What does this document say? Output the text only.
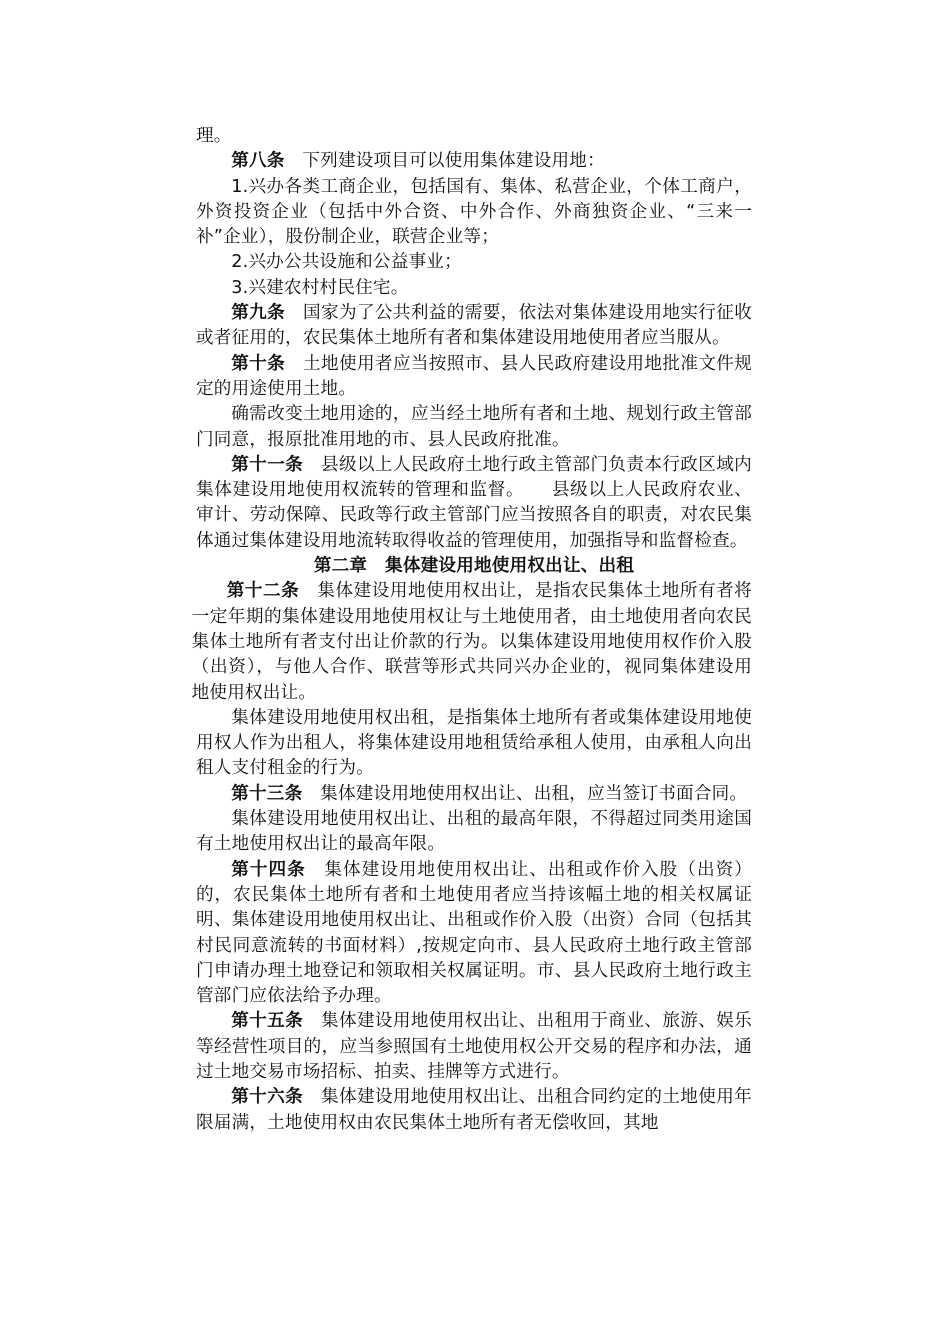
理。

第八条　下列建设项目可以使用集体建设用地：

1.兴办各类工商企业，包括国有、集体、私营企业，个体工商户，外资投资企业（包括中外合资、中外合作、外商独资企业、“三来一补”企业），股份制企业，联营企业等；

2.兴办公共设施和公益事业；

3.兴建农村村民住宅。

第九条　国家为了公共利益的需要，依法对集体建设用地实行征收或者征用的，农民集体土地所有者和集体建设用地使用者应当服从。

第十条　土地使用者应当按照市、县人民政府建设用地批准文件规定的用途使用土地。

确需改变土地用途的，应当经土地所有者和土地、规划行政主管部门同意，报原批准用地的市、县人民政府批准。

第十一条　县级以上人民政府土地行政主管部门负责本行政区域内集体建设用地使用权流转的管理和监督。　　县级以上人民政府农业、审计、劳动保障、民政等行政主管部门应当按照各自的职责，对农民集体通过集体建设用地流转取得收益的管理使用，加强指导和监督检查。

第二章　集体建设用地使用权出让、出租

第十二条　集体建设用地使用权出让，是指农民集体土地所有者将一定年期的集体建设用地使用权让与土地使用者，由土地使用者向农民集体土地所有者支付出让价款的行为。以集体建设用地使用权作价入股（出资），与他人合作、联营等形式共同兴办企业的，视同集体建设用地使用权出让。

集体建设用地使用权出租，是指集体土地所有者或集体建设用地使用权人作为出租人，将集体建设用地租赁给承租人使用，由承租人向出租人支付租金的行为。

第十三条　集体建设用地使用权出让、出租，应当签订书面合同。

集体建设用地使用权出让、出租的最高年限，不得超过同类用途国有土地使用权出让的最高年限。

第十四条　集体建设用地使用权出让、出租或作价入股（出资）的，农民集体土地所有者和土地使用者应当持该幅土地的相关权属证明、集体建设用地使用权出让、出租或作价入股（出资）合同（包括其村民同意流转的书面材料）,按规定向市、县人民政府土地行政主管部门申请办理土地登记和领取相关权属证明。市、县人民政府土地行政主管部门应依法给予办理。

第十五条　集体建设用地使用权出让、出租用于商业、旅游、娱乐等经营性项目的，应当参照国有土地使用权公开交易的程序和办法，通过土地交易市场招标、拍卖、挂牌等方式进行。

第十六条　集体建设用地使用权出让、出租合同约定的土地使用年限届满，土地使用权由农民集体土地所有者无偿收回，其地
